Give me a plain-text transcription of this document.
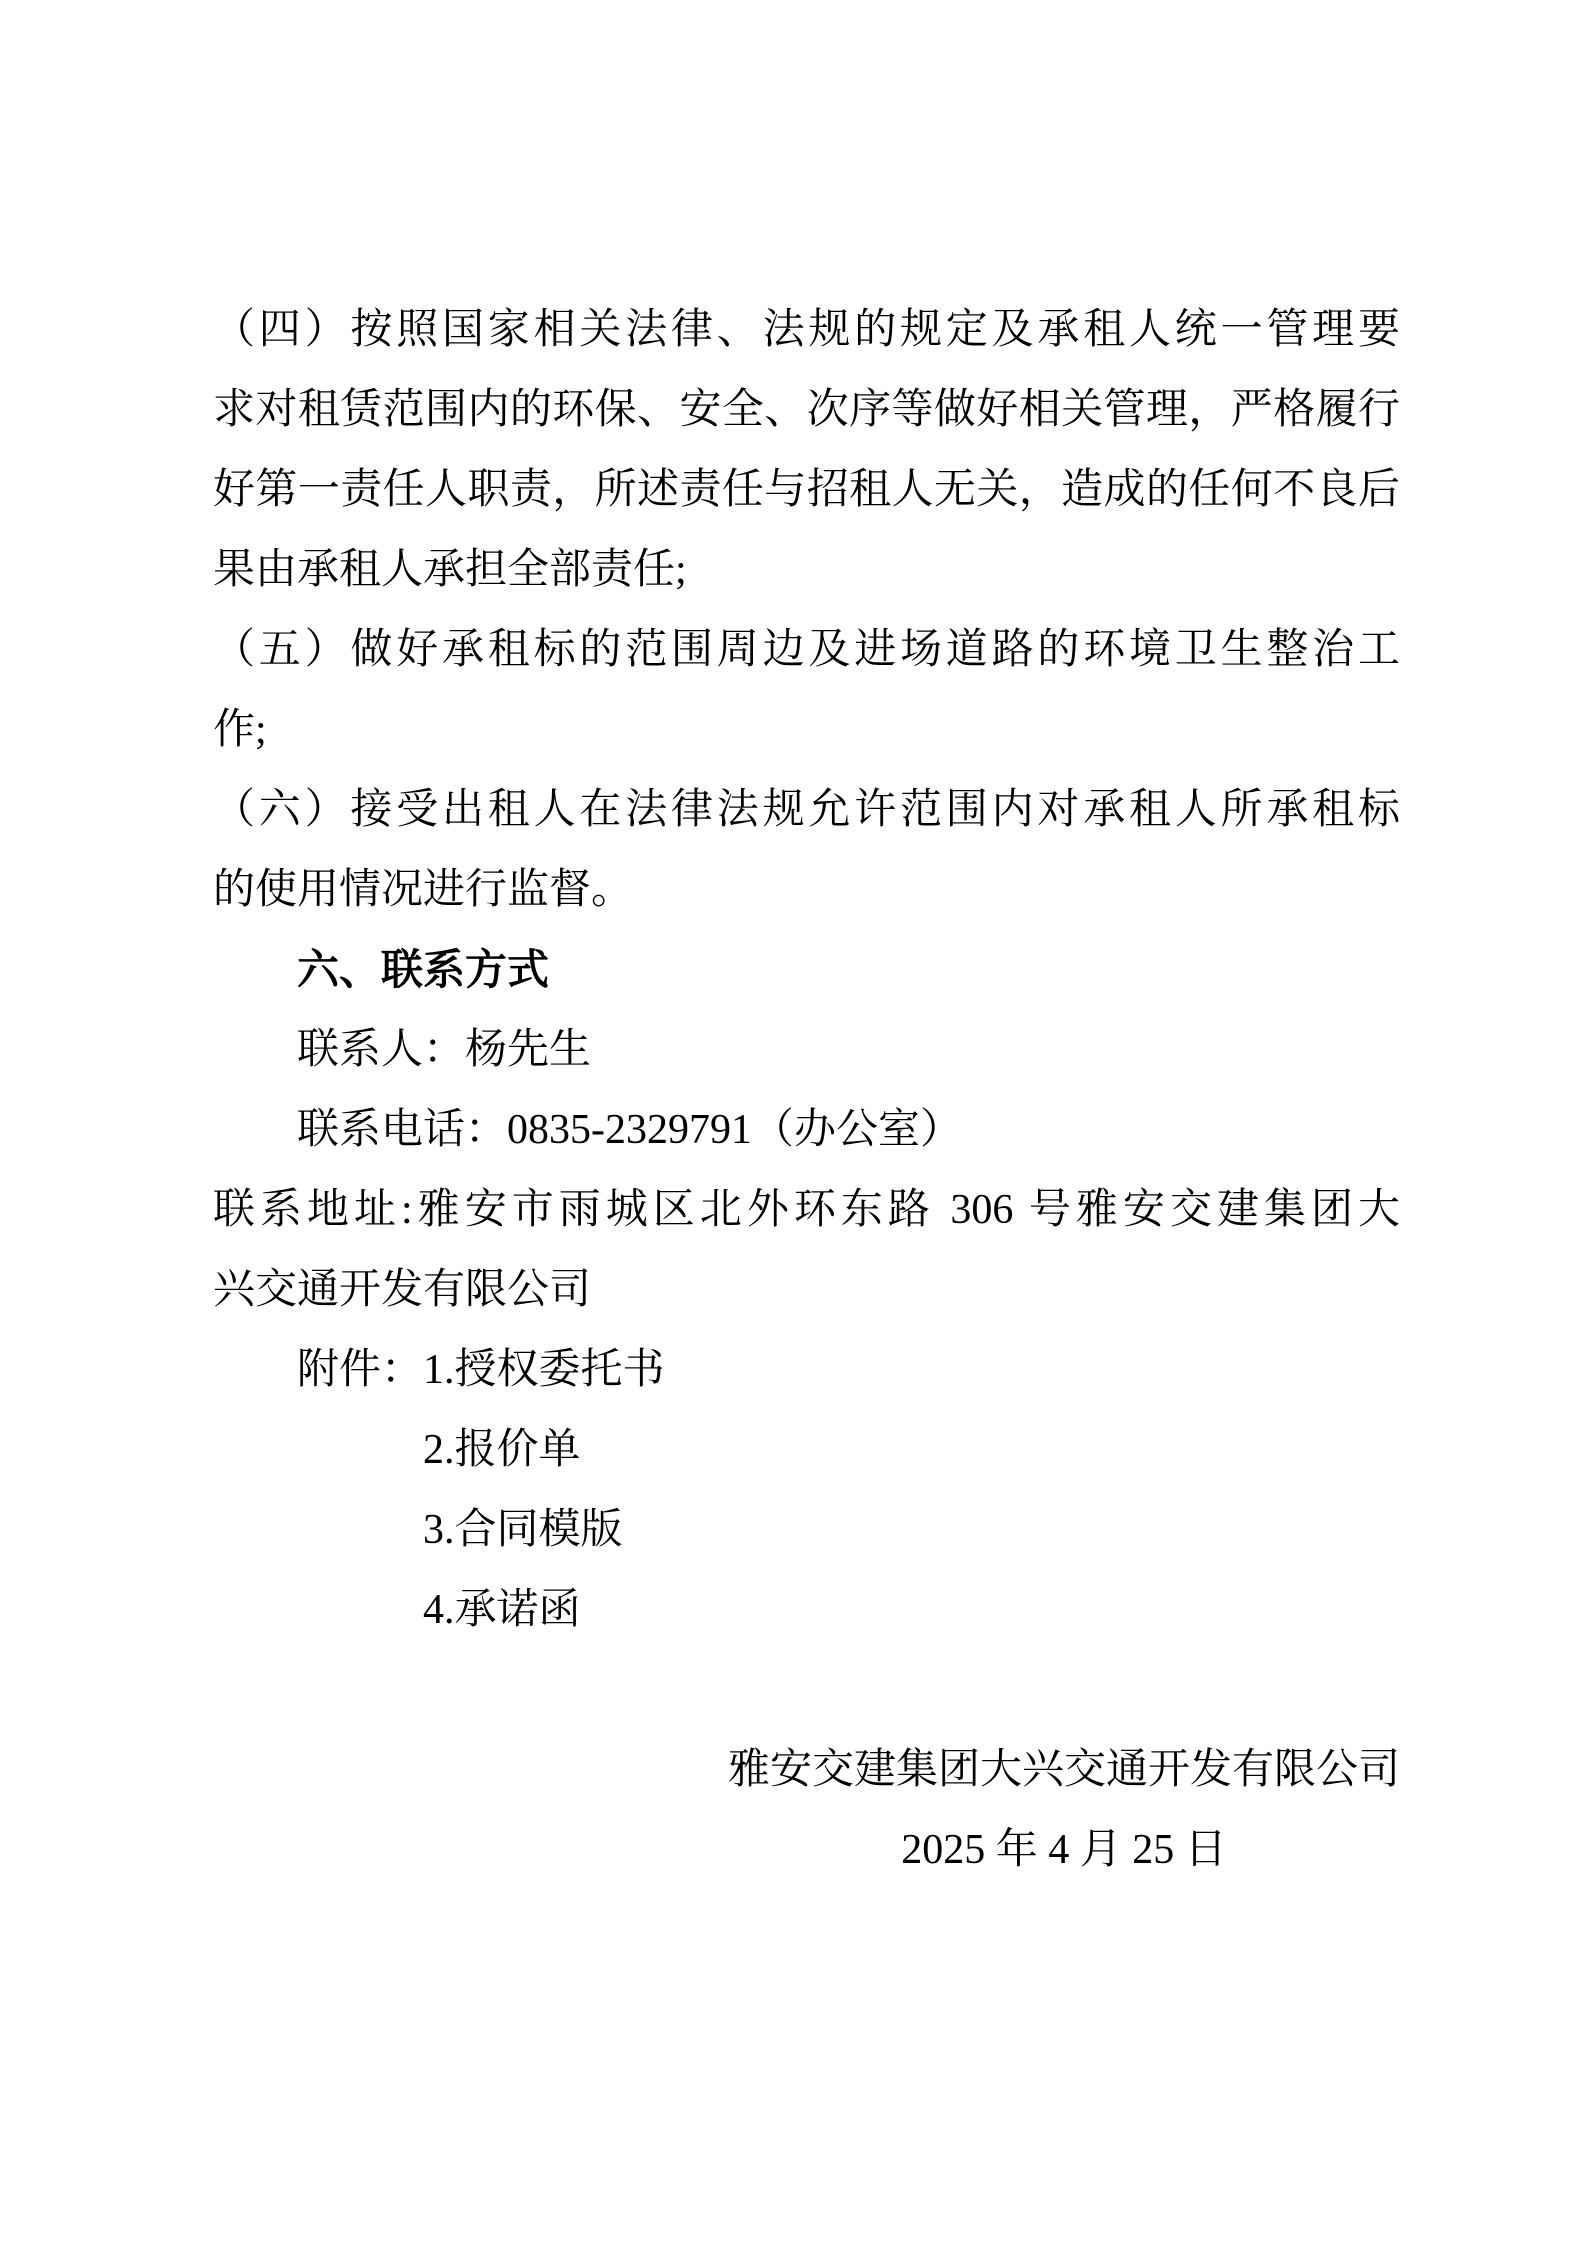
（四）按照国家相关法律、法规的规定及承租人统一管理要
求对租赁范围内的环保、安全、次序等做好相关管理，严格履行
好第一责任人职责，所述责任与招租人无关，造成的任何不良后
果由承租人承担全部责任;
（五）做好承租标的范围周边及进场道路的环境卫生整治工
作;
（六）接受出租人在法律法规允许范围内对承租人所承租标
的使用情况进行监督。
六、联系方式
联系人：杨先生
联系电话：0835-2329791（办公室）
联系地址:雅安市雨城区北外环东路 306 号雅安交建集团大
兴交通开发有限公司
附件：1.授权委托书
2.报价单
3.合同模版
4.承诺函
雅安交建集团大兴交通开发有限公司
2025 年 4 月 25 日
